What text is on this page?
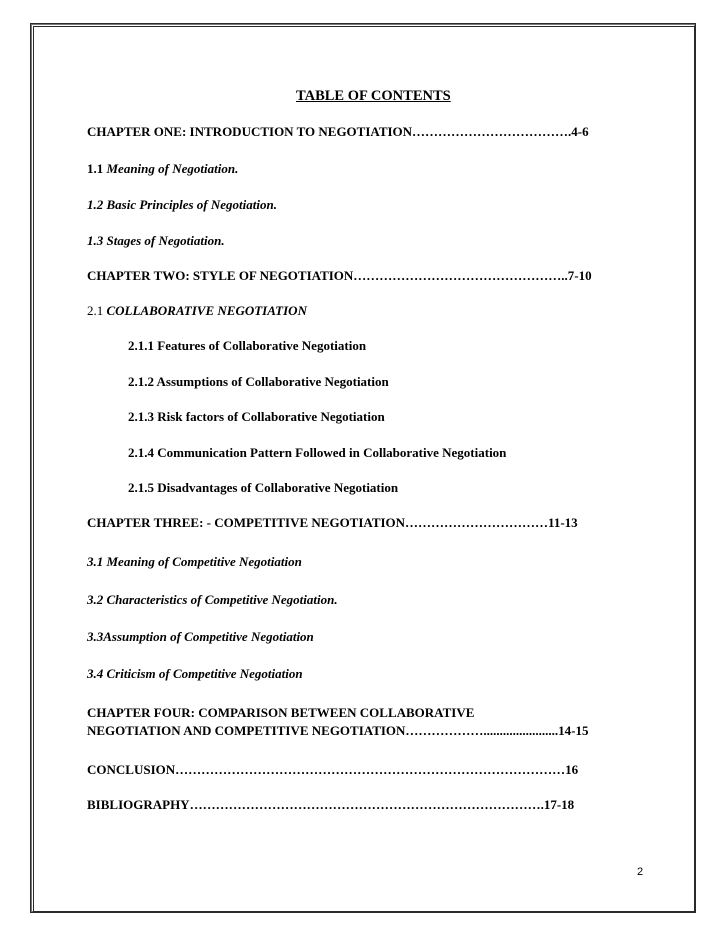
TABLE OF CONTENTS
CHAPTER ONE: INTRODUCTION TO NEGOTIATION……………………………….4-6
1.1 Meaning of Negotiation.
1.2 Basic Principles of Negotiation.
1.3 Stages of Negotiation.
CHAPTER TWO: STYLE OF NEGOTIATION…………………………………………..7-10
2.1 COLLABORATIVE NEGOTIATION
2.1.1 Features of Collaborative Negotiation
2.1.2 Assumptions of Collaborative Negotiation
2.1.3 Risk factors of Collaborative Negotiation
2.1.4 Communication Pattern Followed in Collaborative Negotiation
2.1.5 Disadvantages of Collaborative Negotiation
CHAPTER THREE: - COMPETITIVE NEGOTIATION……………………………11-13
3.1 Meaning of Competitive Negotiation
3.2 Characteristics of Competitive Negotiation.
3.3Assumption of Competitive Negotiation
3.4 Criticism of Competitive Negotiation
CHAPTER FOUR: COMPARISON BETWEEN COLLABORATIVE
NEGOTIATION AND COMPETITIVE NEGOTIATION……………….......................14-15
CONCLUSION………………………………………………………………………………16
BIBLIOGRAPHY……………………………………………………………………….17-18
2
